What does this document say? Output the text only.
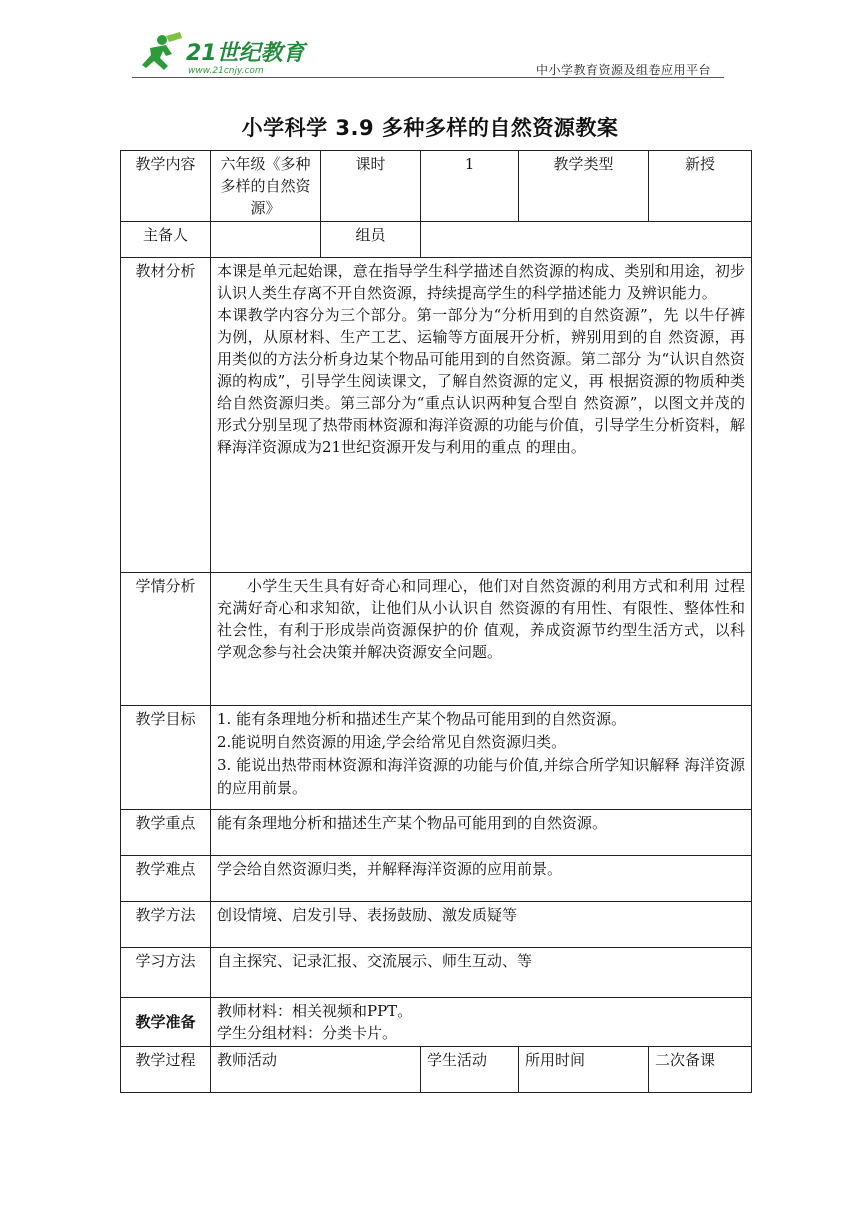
21世纪教育
www.21cnjy.com	中小学教育资源及组卷应用平台
小学科学 3.9 多种多样的自然资源教案
教学内容	六年级《多种多样的自然资源》	课时	1	教学类型	新授
主备人		组员			
教材分析	本课是单元起始课，意在指导学生科学描述自然资源的构成、类别和用途，初步认识人类生存离不开自然资源，持续提高学生的科学描述能力 及辨识能力。

本课教学内容分为三个部分。第一部分为“分析用到的自然资源”，先 以牛仔裤为例，从原材料、生产工艺、运输等方面展开分析，辨别用到的自 然资源，再用类似的方法分析身边某个物品可能用到的自然资源。第二部分 为“认识自然资源的构成”，引导学生阅读课文，了解自然资源的定义，再 根据资源的物质种类给自然资源归类。第三部分为“重点认识两种复合型自 然资源”，以图文并茂的形式分别呈现了热带雨林资源和海洋资源的功能与价值，引导学生分析资料，解释海洋资源成为21世纪资源开发与利用的重点 的理由。				

学情分析	小学生天生具有好奇心和同理心，他们对自然资源的利用方式和利用 过程充满好奇心和求知欲，让他们从小认识自 然资源的有用性、有限性、整体性和社会性，有利于形成崇尚资源保护的价 值观，养成资源节约型生活方式，以科学观念参与社会决策并解决资源安全问题。				

教学目标	1. 能有条理地分析和描述生产某个物品可能用到的自然资源。

2.能说明自然资源的用途,学会给常见自然资源归类。

3. 能说出热带雨林资源和海洋资源的功能与价值,并综合所学知识解释 海洋资源的应用前景。				

教学重点	能有条理地分析和描述生产某个物品可能用到的自然资源。				
教学难点	学会给自然资源归类，并解释海洋资源的应用前景。				
教学方法	创设情境、启发引导、表扬鼓励、激发质疑等				
学习方法	自主探究、记录汇报、交流展示、师生互动、等				
教学准备	教师材料：相关视频和PPT。

学生分组材料：分类卡片。				

教学过程	教师活动		学生活动	所用时间	二次备课
